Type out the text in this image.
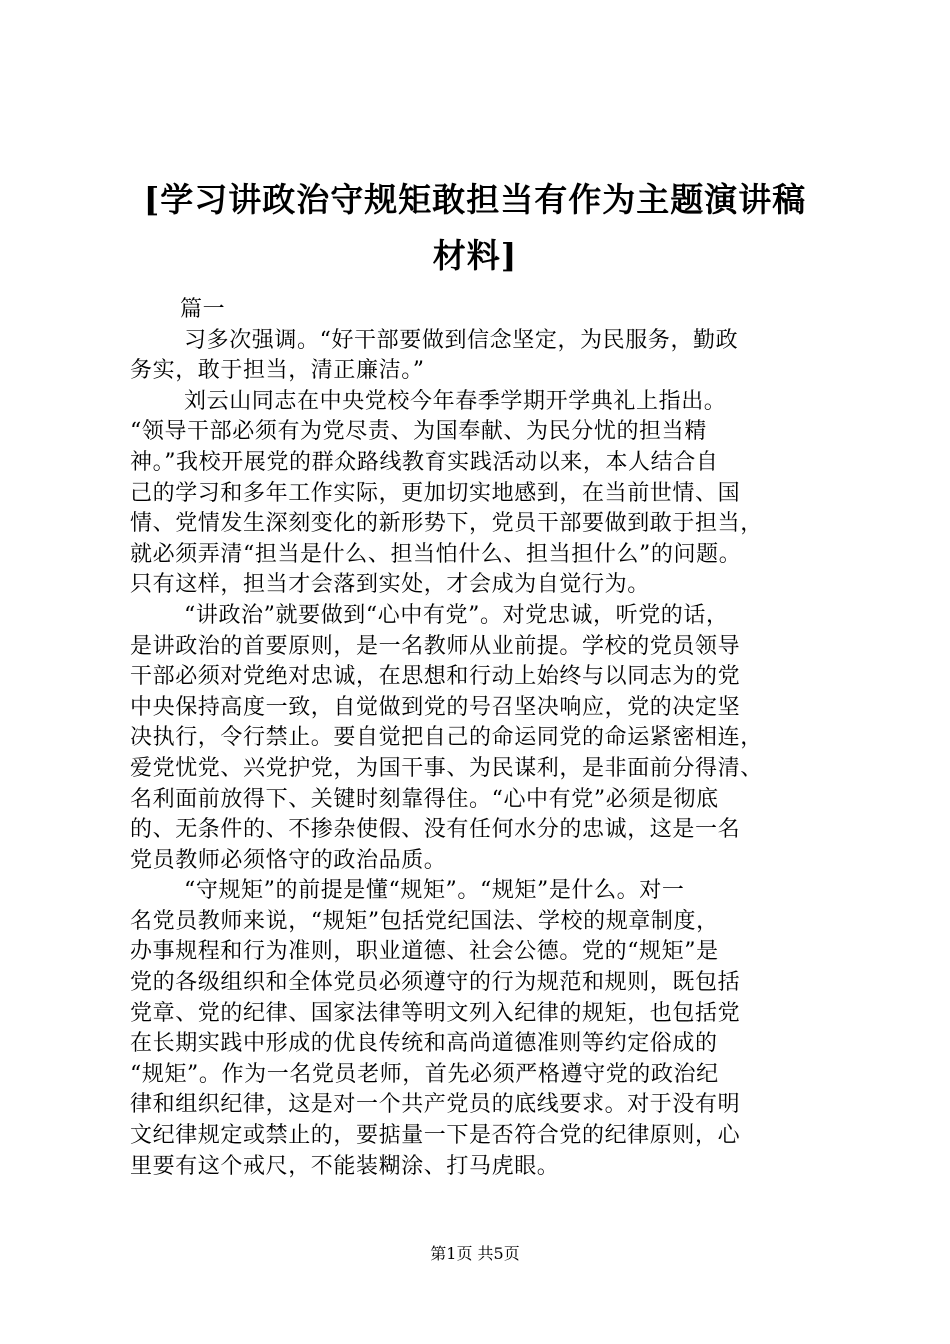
[学习讲政治守规矩敢担当有作为主题演讲稿
材料]
篇一
习多次强调。“好干部要做到信念坚定，为民服务，勤政
务实，敢于担当，清正廉洁。”
刘云山同志在中央党校今年春季学期开学典礼上指出。
“领导干部必须有为党尽责、为国奉献、为民分忧的担当精
神。”我校开展党的群众路线教育实践活动以来，本人结合自
己的学习和多年工作实际，更加切实地感到，在当前世情、国
情、党情发生深刻变化的新形势下，党员干部要做到敢于担当，
就必须弄清“担当是什么、担当怕什么、担当担什么”的问题。
只有这样，担当才会落到实处，才会成为自觉行为。
“讲政治”就要做到“心中有党”。对党忠诚，听党的话，
是讲政治的首要原则，是一名教师从业前提。学校的党员领导
干部必须对党绝对忠诚，在思想和行动上始终与以同志为的党
中央保持高度一致，自觉做到党的号召坚决响应，党的决定坚
决执行，令行禁止。要自觉把自己的命运同党的命运紧密相连，
爱党忧党、兴党护党，为国干事、为民谋利，是非面前分得清、
名利面前放得下、关键时刻靠得住。“心中有党”必须是彻底
的、无条件的、不掺杂使假、没有任何水分的忠诚，这是一名
党员教师必须恪守的政治品质。
“守规矩”的前提是懂“规矩”。“规矩”是什么。对一
名党员教师来说，“规矩”包括党纪国法、学校的规章制度，
办事规程和行为准则，职业道德、社会公德。党的“规矩”是
党的各级组织和全体党员必须遵守的行为规范和规则，既包括
党章、党的纪律、国家法律等明文列入纪律的规矩，也包括党
在长期实践中形成的优良传统和高尚道德准则等约定俗成的
“规矩”。作为一名党员老师，首先必须严格遵守党的政治纪
律和组织纪律，这是对一个共产党员的底线要求。对于没有明
文纪律规定或禁止的，要掂量一下是否符合党的纪律原则，心
里要有这个戒尺，不能装糊涂、打马虎眼。
第1页 共5页
